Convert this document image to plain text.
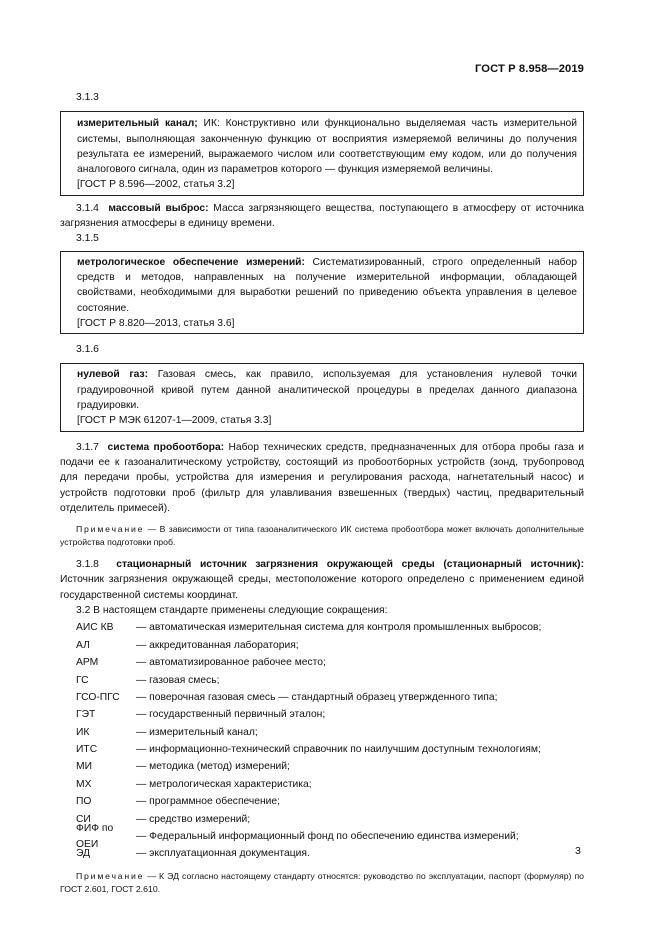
ГОСТ Р 8.958—2019

3.1.3

измерительный канал; ИК: Конструктивно или функционально выделяемая часть измерительной системы, выполняющая законченную функцию от восприятия измеряемой величины до получения результата ее измерений, выражаемого числом или соответствующим ему кодом, или до получения аналогового сигнала, один из параметров которого — функция измеряемой величины.

[ГОСТ Р 8.596—2002, статья 3.2]

3.1.4 массовый выброс: Масса загрязняющего вещества, поступающего в атмосферу от источника загрязнения атмосферы в единицу времени.

3.1.5

метрологическое обеспечение измерений: Систематизированный, строго определенный набор средств и методов, направленных на получение измерительной информации, обладающей свойствами, необходимыми для выработки решений по приведению объекта управления в целевое состояние.

[ГОСТ Р 8.820—2013, статья 3.6]

3.1.6

нулевой газ: Газовая смесь, как правило, используемая для установления нулевой точки градуировочной кривой путем данной аналитической процедуры в пределах данного диапазона градуировки.

[ГОСТ Р МЭК 61207-1—2009, статья 3.3]

3.1.7 система пробоотбора: Набор технических средств, предназначенных для отбора пробы газа и подачи ее к газоаналитическому устройству, состоящий из пробоотборных устройств (зонд, трубопровод для передачи пробы, устройства для измерения и регулирования расхода, нагнетательный насос) и устройств подготовки проб (фильтр для улавливания взвешенных (твердых) частиц, предварительный отделитель примесей).

Примечание — В зависимости от типа газоаналитического ИК система пробоотбора может включать дополнительные устройства подготовки проб.

3.1.8 стационарный источник загрязнения окружающей среды (стационарный источник): Источник загрязнения окружающей среды, местоположение которого определено с применением единой государственной системы координат.

3.2 В настоящем стандарте применены следующие сокращения:

АИС КВ	— автоматическая измерительная система для контроля промышленных выбросов;
АЛ	— аккредитованная лаборатория;
АРМ	— автоматизированное рабочее место;
ГС	— газовая смесь;
ГСО-ПГС	— поверочная газовая смесь — стандартный образец утвержденного типа;
ГЭТ	— государственный первичный эталон;
ИК	— измерительный канал;
ИТС	— информационно-технический справочник по наилучшим доступным технологиям;
МИ	— методика (метод) измерений;
МХ	— метрологическая характеристика;
ПО	— программное обеспечение;
СИ	— средство измерений;
ФИФ по ОЕИ
— Федеральный информационный фонд по обеспечению единства измерений;
ЭД	— эксплуатационная документация.

Примечание — К ЭД согласно настоящему стандарту относятся: руководство по эксплуатации, паспорт (формуляр) по ГОСТ 2.601, ГОСТ 2.610.

3
